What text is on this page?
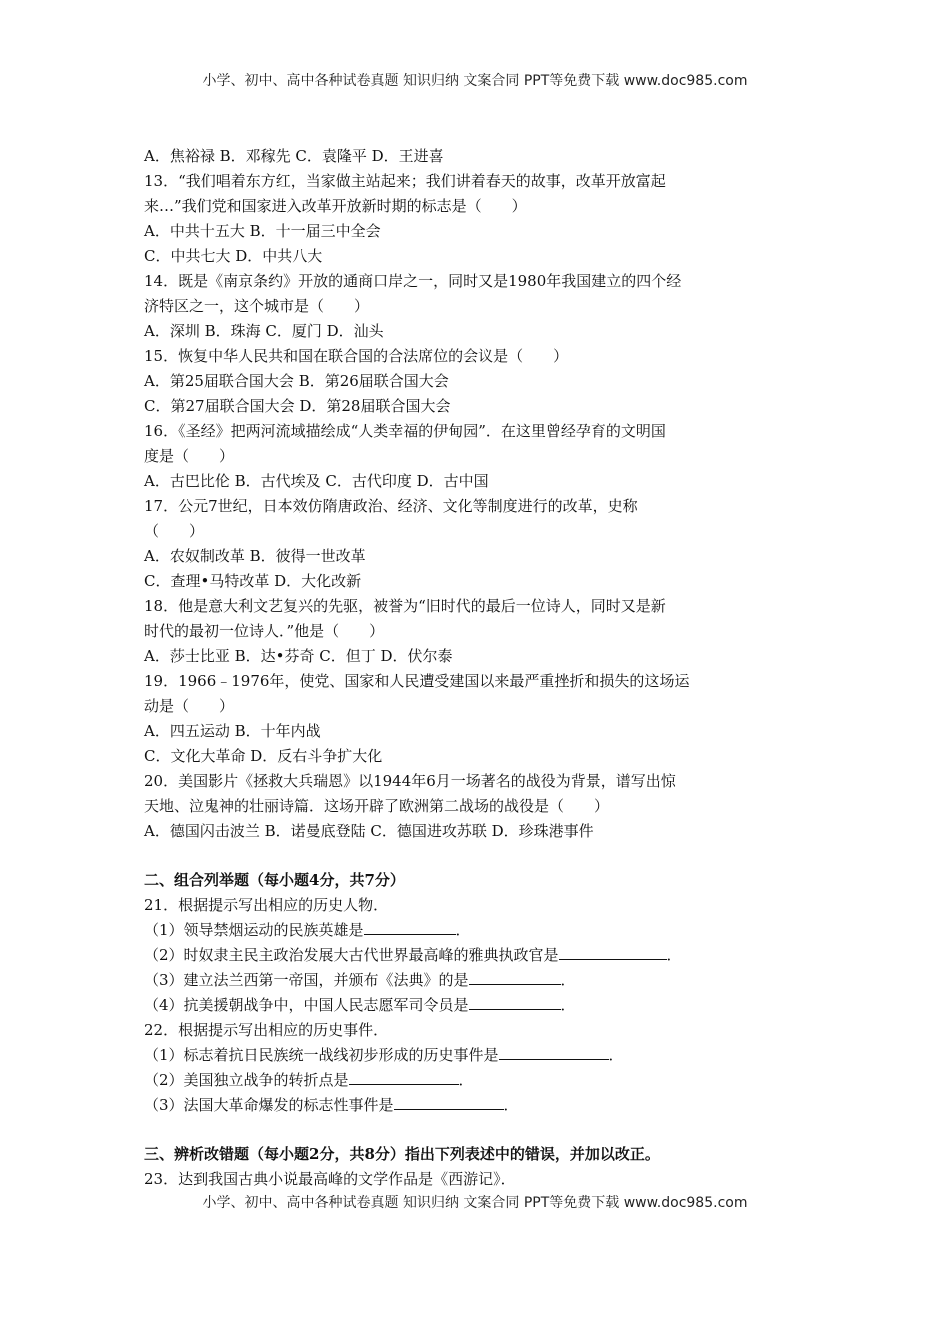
小学、初中、高中各种试卷真题 知识归纳 文案合同 PPT等免费下载 www.doc985.com
A．焦裕禄 B．邓稼先 C．袁隆平 D．王进喜
13．“我们唱着东方红，当家做主站起来；我们讲着春天的故事，改革开放富起
来…”我们党和国家进入改革开放新时期的标志是（　　）
A．中共十五大 B．十一届三中全会
C．中共七大 D．中共八大
14．既是《南京条约》开放的通商口岸之一，同时又是1980年我国建立的四个经
济特区之一，这个城市是（　　）
A．深圳 B．珠海 C．厦门 D．汕头
15．恢复中华人民共和国在联合国的合法席位的会议是（　　）
A．第25届联合国大会 B．第26届联合国大会
C．第27届联合国大会 D．第28届联合国大会
16．《圣经》把两河流域描绘成“人类幸福的伊甸园”．在这里曾经孕育的文明国
度是（　　）
A．古巴比伦 B．古代埃及 C．古代印度 D．古中国
17．公元7世纪，日本效仿隋唐政治、经济、文化等制度进行的改革，史称
（　　）
A．农奴制改革 B．彼得一世改革
C．查理•马特改革 D．大化改新
18．他是意大利文艺复兴的先驱，被誉为“旧时代的最后一位诗人，同时又是新
时代的最初一位诗人．”他是（　　）
A．莎士比亚 B．达•芬奇 C．但丁 D．伏尔泰
19．1966﹣1976年，使党、国家和人民遭受建国以来最严重挫折和损失的这场运
动是（　　）
A．四五运动 B．十年内战
C．文化大革命 D．反右斗争扩大化
20．美国影片《拯救大兵瑞恩》以1944年6月一场著名的战役为背景，谱写出惊
天地、泣鬼神的壮丽诗篇．这场开辟了欧洲第二战场的战役是（　　）
A．德国闪击波兰 B．诺曼底登陆 C．德国进攻苏联 D．珍珠港事件
二、组合列举题（每小题4分，共7分）
21．根据提示写出相应的历史人物．
（1）领导禁烟运动的民族英雄是	．
（2）时奴隶主民主政治发展大古代世界最高峰的雅典执政官是	．
（3）建立法兰西第一帝国，并颁布《法典》的是	．
（4）抗美援朝战争中，中国人民志愿军司令员是	．
22．根据提示写出相应的历史事件．
（1）标志着抗日民族统一战线初步形成的历史事件是	．
（2）美国独立战争的转折点是	．
（3）法国大革命爆发的标志性事件是	．
三、辨析改错题（每小题2分，共8分）指出下列表述中的错误，并加以改正。
23．达到我国古典小说最高峰的文学作品是《西游记》．
小学、初中、高中各种试卷真题 知识归纳 文案合同 PPT等免费下载 www.doc985.com
